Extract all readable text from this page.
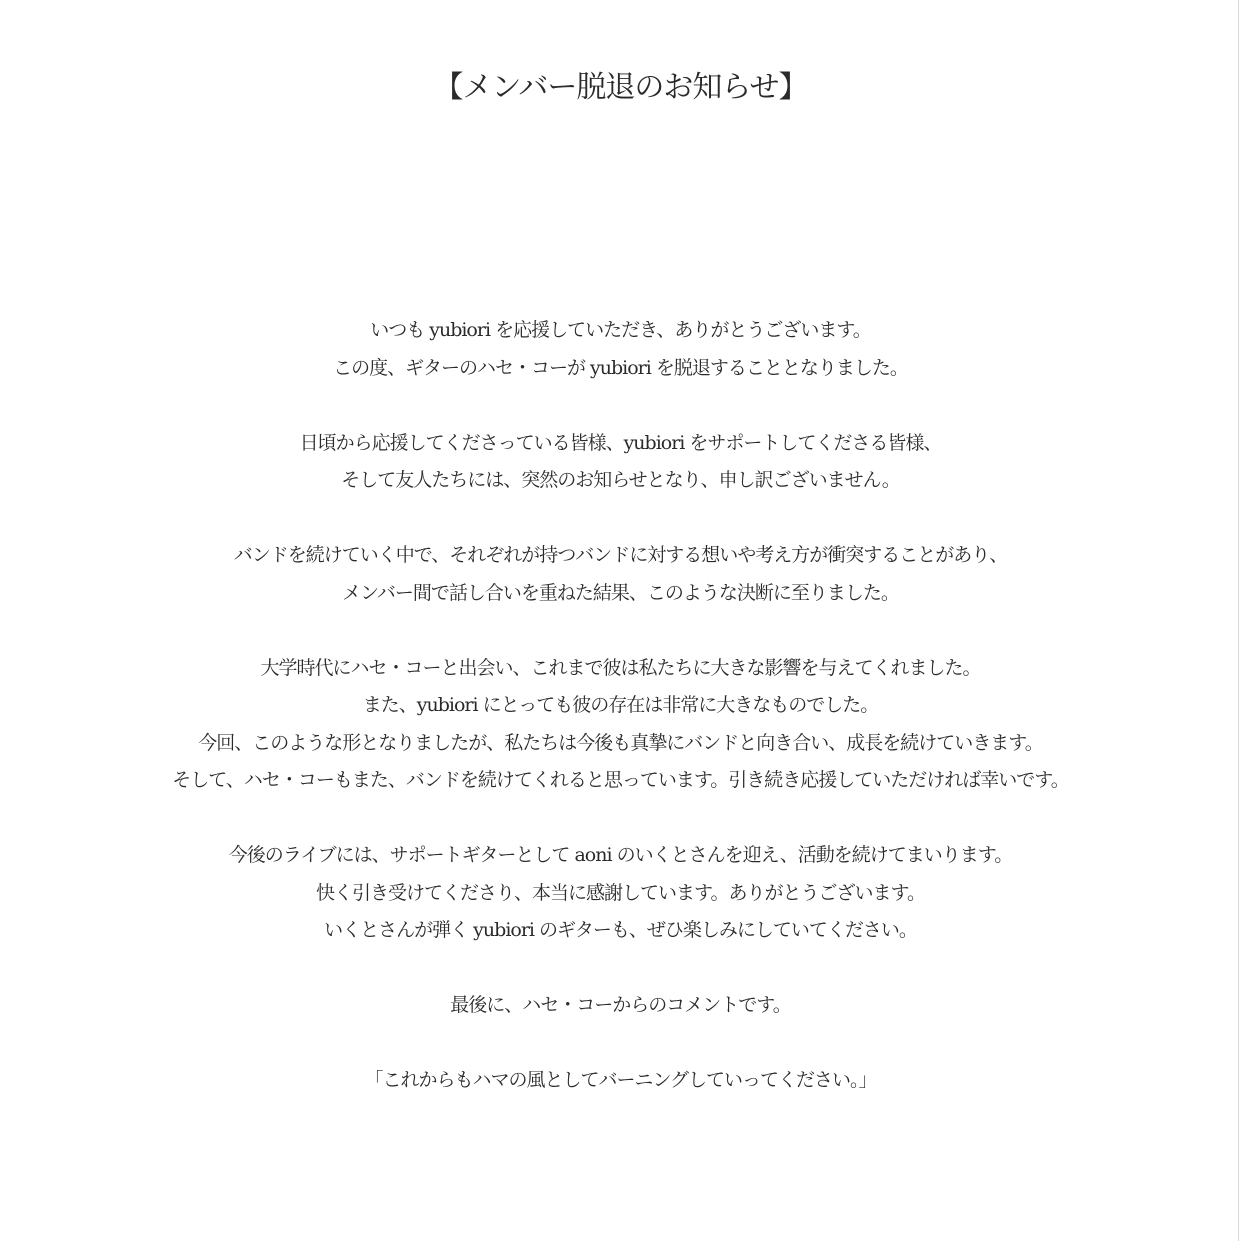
【メンバー脱退のお知らせ】
いつも yubiori を応援していただき、ありがとうございます。
この度、ギターのハセ・コーが yubiori を脱退することとなりました。
日頃から応援してくださっている皆様、yubiori をサポートしてくださる皆様、
そして友人たちには、突然のお知らせとなり、申し訳ございません。
バンドを続けていく中で、それぞれが持つバンドに対する想いや考え方が衝突することがあり、
メンバー間で話し合いを重ねた結果、このような決断に至りました。
大学時代にハセ・コーと出会い、これまで彼は私たちに大きな影響を与えてくれました。
また、yubiori にとっても彼の存在は非常に大きなものでした。
今回、このような形となりましたが、私たちは今後も真摯にバンドと向き合い、成長を続けていきます。
そして、ハセ・コーもまた、バンドを続けてくれると思っています。引き続き応援していただければ幸いです。
今後のライブには、サポートギターとして aoni のいくとさんを迎え、活動を続けてまいります。
快く引き受けてくださり、本当に感謝しています。ありがとうございます。
いくとさんが弾く yubiori のギターも、ぜひ楽しみにしていてください。
最後に、ハセ・コーからのコメントです。
「これからもハマの風としてバーニングしていってください。」
